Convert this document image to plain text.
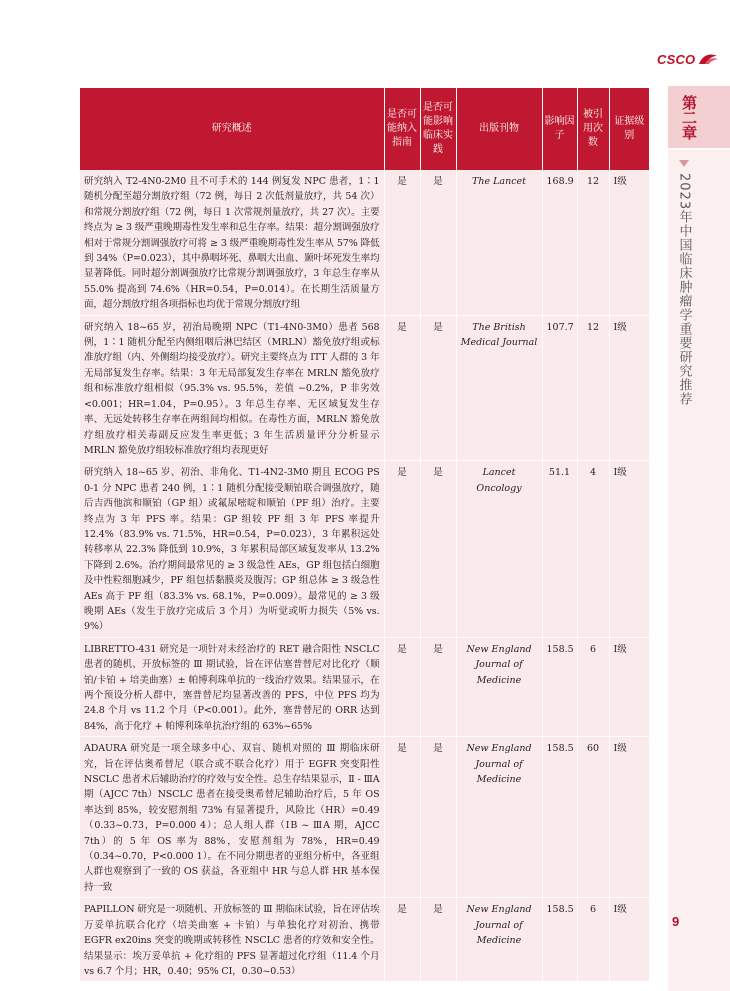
CSCO
第二章
2023年中国临床肿瘤学重要研究推荐
研究概述	是否可能纳入指南	是否可能影响临床实践	出版刊物	影响因子	被引用次数	证据级别
研究纳入 T2-4N0-2M0 且不可手术的 144 例复发 NPC 患者，1∶1 随机分配至超分割放疗组（72 例，每日 2 次低剂量放疗，共 54 次）和常规分割放疗组（72 例，每日 1 次常规剂量放疗，共 27 次）。主要终点为 ≥ 3 级严重晚期毒性发生率和总生存率。结果：超分割调强放疗相对于常规分割调强放疗可将 ≥ 3 级严重晚期毒性发生率从 57% 降低到 34%（P=0.023），其中鼻咽坏死、鼻咽大出血、颞叶坏死发生率均显著降低。同时超分割调强放疗比常规分割调强放疗，3 年总生存率从 55.0% 提高到 74.6%（HR=0.54，P=0.014）。在长期生活质量方面，超分割放疗组各项指标也均优于常规分割放疗组	是	是	The Lancet	168.9	12	Ⅰ级
研究纳入 18~65 岁，初治局晚期 NPC（T1-4N0-3M0）患者 568 例，1∶1 随机分配至内侧组咽后淋巴结区（MRLN）豁免放疗组或标准放疗组（内、外侧组均接受放疗）。研究主要终点为 ITT 人群的 3 年无局部复发生存率。结果：3 年无局部复发生存率在 MRLN 豁免放疗组和标准放疗组相似（95.3% vs. 95.5%，差值 −0.2%，P 非劣效 <0.001；HR=1.04，P=0.95）。3 年总生存率、无区域复发生存率、无远处转移生存率在两组间均相似。在毒性方面，MRLN 豁免放疗组放疗相关毒副反应发生率更低；3 年生活质量评分分析显示 MRLN 豁免放疗组较标准放疗组均表现更好	是	是	The British Medical Journal	107.7	12	Ⅰ级
研究纳入 18~65 岁、初治、非角化、T1-4N2-3M0 期且 ECOG PS 0-1 分 NPC 患者 240 例，1∶1 随机分配接受顺铂联合调强放疗，随后吉西他滨和顺铂（GP 组）或氟尿嘧啶和顺铂（PF 组）治疗。主要终点为 3 年 PFS 率。结果：GP 组较 PF 组 3 年 PFS 率提升 12.4%（83.9% vs. 71.5%，HR=0.54，P=0.023），3 年累积远处转移率从 22.3% 降低到 10.9%，3 年累积局部区域复发率从 13.2% 下降到 2.6%。治疗期间最常见的 ≥ 3 级急性 AEs，GP 组包括白细胞及中性粒细胞减少，PF 组包括黏膜炎及腹泻；GP 组总体 ≥ 3 级急性 AEs 高于 PF 组（83.3% vs. 68.1%，P=0.009）。最常见的 ≥ 3 级晚期 AEs（发生于放疗完成后 3 个月）为听觉或听力损失（5% vs. 9%）	是	是	Lancet Oncology	51.1	4	Ⅰ级
LIBRETTO-431 研究是一项针对未经治疗的 RET 融合阳性 NSCLC 患者的随机、开放标签的 Ⅲ 期试验，旨在评估塞普替尼对比化疗（顺铂/卡铂 + 培美曲塞）± 帕博利珠单抗的一线治疗效果。结果显示，在两个预设分析人群中，塞普替尼均显著改善的 PFS，中位 PFS 均为 24.8 个月 vs 11.2 个月（P<0.001）。此外，塞普替尼的 ORR 达到 84%，高于化疗 + 帕博利珠单抗治疗组的 63%~65%	是	是	New England Journal of Medicine	158.5	6	Ⅰ级
ADAURA 研究是一项全球多中心、双盲、随机对照的 Ⅲ 期临床研究，旨在评估奥希替尼（联合或不联合化疗）用于 EGFR 突变阳性 NSCLC 患者术后辅助治疗的疗效与安全性。总生存结果显示，Ⅱ - ⅢA 期（AJCC 7th）NSCLC 患者在接受奥希替尼辅助治疗后，5 年 OS 率达到 85%，较安慰剂组 73% 有显著提升，风险比（HR）=0.49（0.33~0.73，P=0.000 4）；总人组人群（ⅠB ~ ⅢA 期，AJCC 7th）的 5 年 OS 率为 88%，安慰剂组为 78%，HR=0.49（0.34~0.70，P<0.000 1）。在不同分期患者的亚组分析中，各亚组人群也观察到了一致的 OS 获益，各亚组中 HR 与总人群 HR 基本保持一致	是	是	New England Journal of Medicine	158.5	60	Ⅰ级
PAPILLON 研究是一项随机、开放标签的 Ⅲ 期临床试验，旨在评估埃万妥单抗联合化疗（培美曲塞 + 卡铂）与单独化疗对初治、携带 EGFR ex20ins 突变的晚期或转移性 NSCLC 患者的疗效和安全性。结果显示：埃万妥单抗 + 化疗组的 PFS 显著超过化疗组（11.4 个月 vs 6.7 个月；HR，0.40；95% CI，0.30~0.53）	是	是	New England Journal of Medicine	158.5	6	Ⅰ级
9
